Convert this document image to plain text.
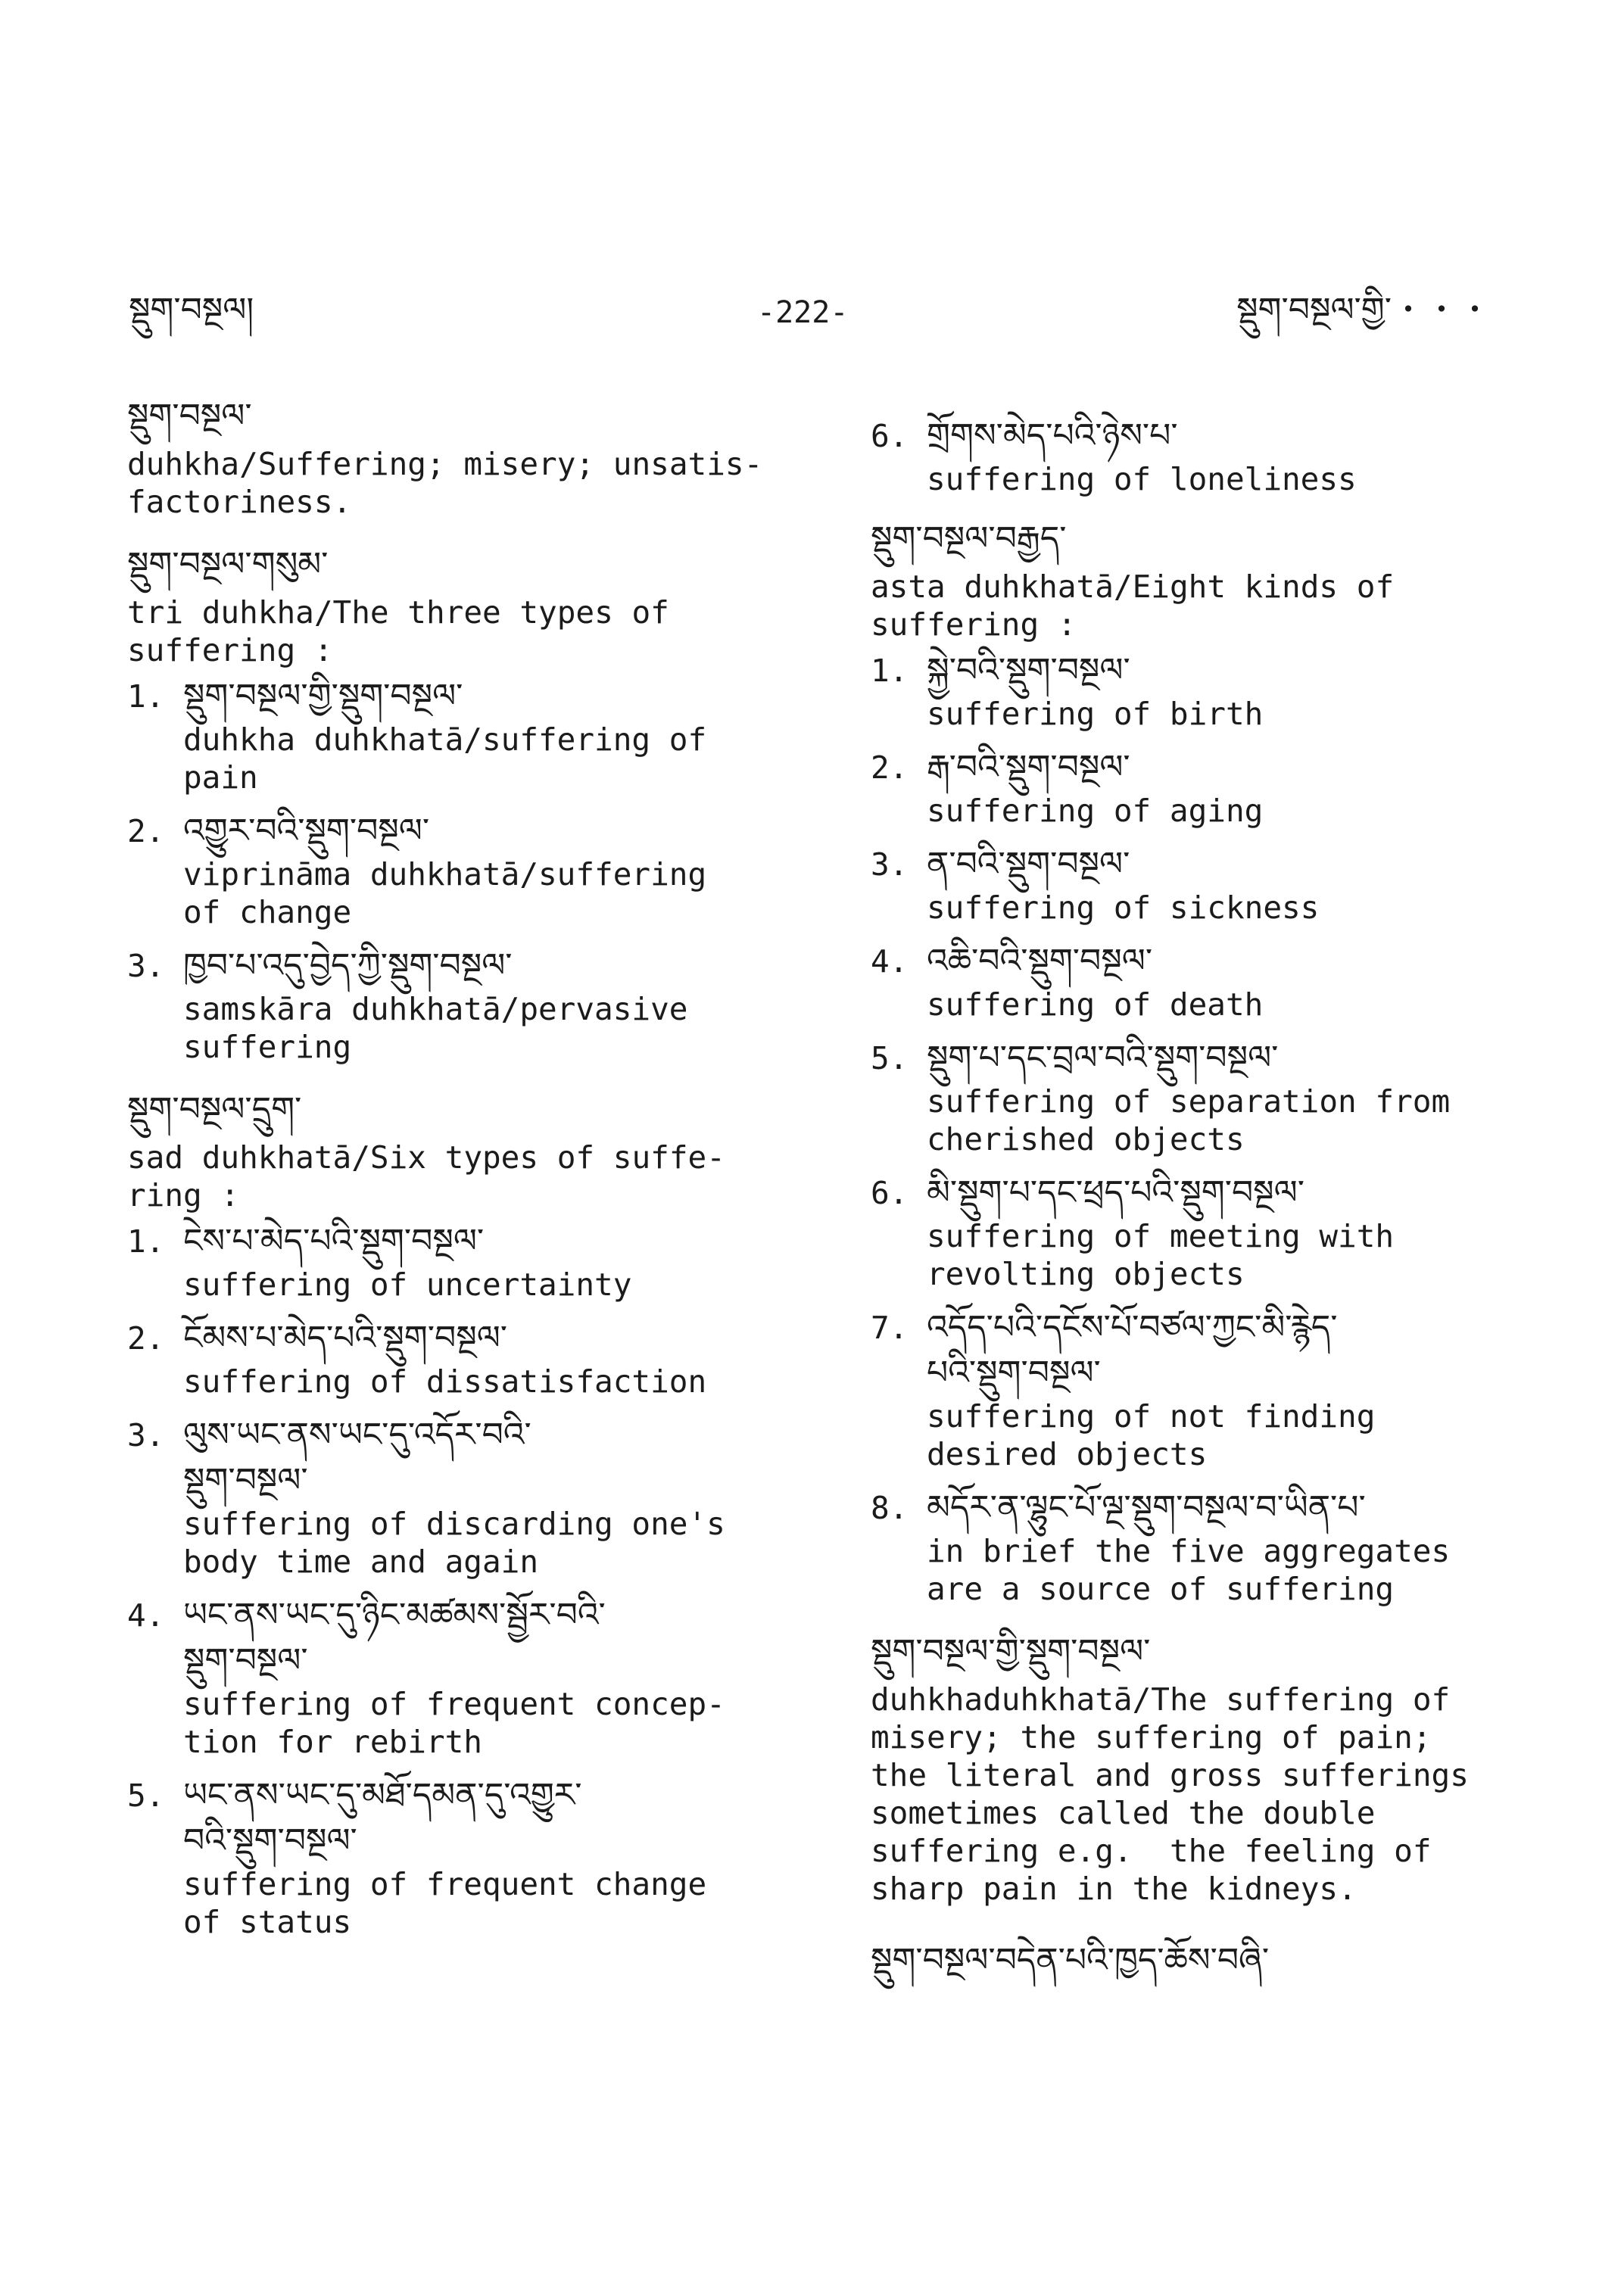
སྡུག་བསྔལ།	-222-	སྡུག་བསྔལ་གྱི་・・・
སྡུག་བསྔལ་
duhkha/Suffering; misery; unsatis-
factoriness.
སྡུག་བསྔལ་གསུམ་
tri duhkha/The three types of
suffering :
1. སྡུག་བསྔལ་གྱི་སྡུག་བསྔལ་
duhkha duhkhatā/suffering of
pain
2. འགྱུར་བའི་སྡུག་བསྔལ་
viprināma duhkhatā/suffering
of change
3. ཁྱབ་པ་འདུ་བྱེད་ཀྱི་སྡུག་བསྔལ་
samskāra duhkhatā/pervasive
suffering
སྡུག་བསྔལ་དྲུག་
sad duhkhatā/Six types of suffe-
ring :
1. ངེས་པ་མེད་པའི་སྡུག་བསྔལ་
suffering of uncertainty
2. ངོམས་པ་མེད་པའི་སྡུག་བསྔལ་
suffering of dissatisfaction
3. ལུས་ཡང་ནས་ཡང་དུ་འདོར་བའི་
སྡུག་བསྔལ་
suffering of discarding one's
body time and again
4. ཡང་ནས་ཡང་དུ་ཉིང་མཚམས་སྦྱོར་བའི་
སྡུག་བསྔལ་
suffering of frequent concep-
tion for rebirth
5. ཡང་ནས་ཡང་དུ་མཐོ་དམན་དུ་འགྱུར་
བའི་སྡུག་བསྔལ་
suffering of frequent change
of status
6. གྲོགས་མེད་པའི་ཉེས་པ་
suffering of loneliness
སྡུག་བསྔལ་བརྒྱད་
asta duhkhatā/Eight kinds of
suffering :
1. སྐྱེ་བའི་སྡུག་བསྔལ་
suffering of birth
2. རྒ་བའི་སྡུག་བསྔལ་
suffering of aging
3. ན་བའི་སྡུག་བསྔལ་
suffering of sickness
4. འཆི་བའི་སྡུག་བསྔལ་
suffering of death
5. སྡུག་པ་དང་བྲལ་བའི་སྡུག་བསྔལ་
suffering of separation from
cherished objects
6. མི་སྡུག་པ་དང་ཕྲད་པའི་སྡུག་བསྔལ་
suffering of meeting with
revolting objects
7. འདོད་པའི་དངོས་པོ་བཙལ་ཀྱང་མི་རྙེད་
པའི་སྡུག་བསྔལ་
suffering of not finding
desired objects
8. མདོར་ན་ལྷུང་པོ་ལྔ་སྡུག་བསྔལ་བ་ཡིན་པ་
in brief the five aggregates
are a source of suffering
སྡུག་བསྔལ་གྱི་སྡུག་བསྔལ་
duhkhaduhkhatā/The suffering of
misery; the suffering of pain;
the literal and gross sufferings
sometimes called the double
suffering e.g.  the feeling of
sharp pain in the kidneys.
སྡུག་བསྔལ་བདེན་པའི་ཁྱད་ཆོས་བཞི་
